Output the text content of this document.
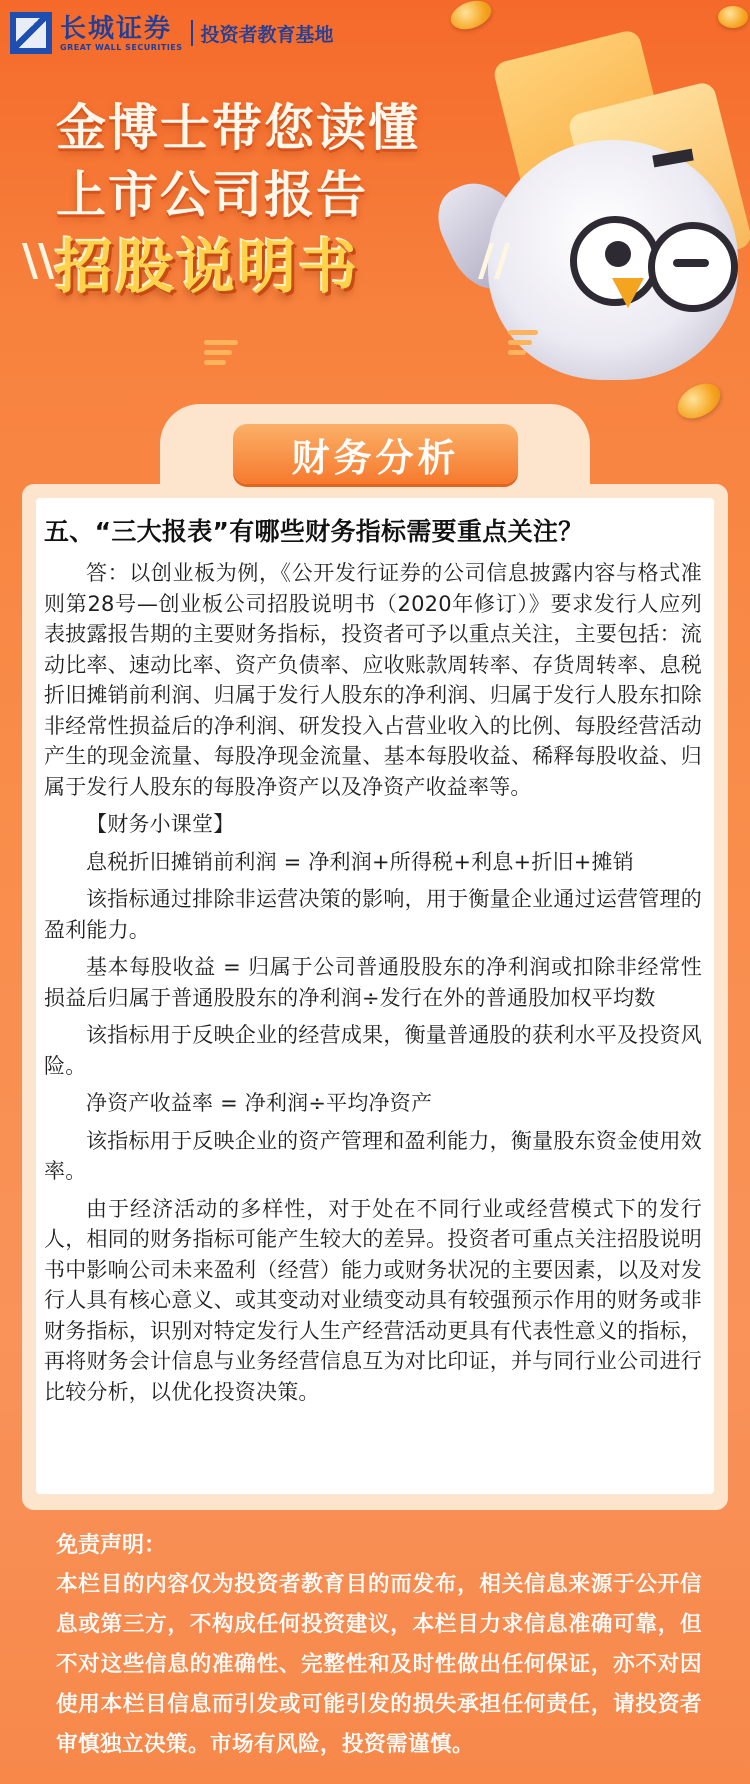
长城证券
GREAT WALL SECURITIES
投资者教育基地
金博士带您读懂
上市公司报告
\\ 招股说明书	//
财务分析
五、“三大报表”有哪些财务指标需要重点关注？

答：以创业板为例，《公开发行证券的公司信息披露内容与格式准则第28号—创业板公司招股说明书（2020年修订）》要求发行人应列表披露报告期的主要财务指标，投资者可予以重点关注，主要包括：流动比率、速动比率、资产负债率、应收账款周转率、存货周转率、息税折旧摊销前利润、归属于发行人股东的净利润、归属于发行人股东扣除非经常性损益后的净利润、研发投入占营业收入的比例、每股经营活动产生的现金流量、每股净现金流量、基本每股收益、稀释每股收益、归属于发行人股东的每股净资产以及净资产收益率等。

【财务小课堂】

息税折旧摊销前利润 = 净利润+所得税+利息+折旧+摊销

该指标通过排除非运营决策的影响，用于衡量企业通过运营管理的盈利能力。

基本每股收益 = 归属于公司普通股股东的净利润或扣除非经常性损益后归属于普通股股东的净利润÷发行在外的普通股加权平均数

该指标用于反映企业的经营成果，衡量普通股的获利水平及投资风险。

净资产收益率 = 净利润÷平均净资产

该指标用于反映企业的资产管理和盈利能力，衡量股东资金使用效率。

由于经济活动的多样性，对于处在不同行业或经营模式下的发行人，相同的财务指标可能产生较大的差异。投资者可重点关注招股说明书中影响公司未来盈利（经营）能力或财务状况的主要因素，以及对发行人具有核心意义、或其变动对业绩变动具有较强预示作用的财务或非财务指标，识别对特定发行人生产经营活动更具有代表性意义的指标，再将财务会计信息与业务经营信息互为对比印证，并与同行业公司进行比较分析，以优化投资决策。

免责声明：
本栏目的内容仅为投资者教育目的而发布，相关信息来源于公开信息或第三方，不构成任何投资建议，本栏目力求信息准确可靠，但不对这些信息的准确性、完整性和及时性做出任何保证，亦不对因使用本栏目信息而引发或可能引发的损失承担任何责任，请投资者审慎独立决策。市场有风险，投资需谨慎。
